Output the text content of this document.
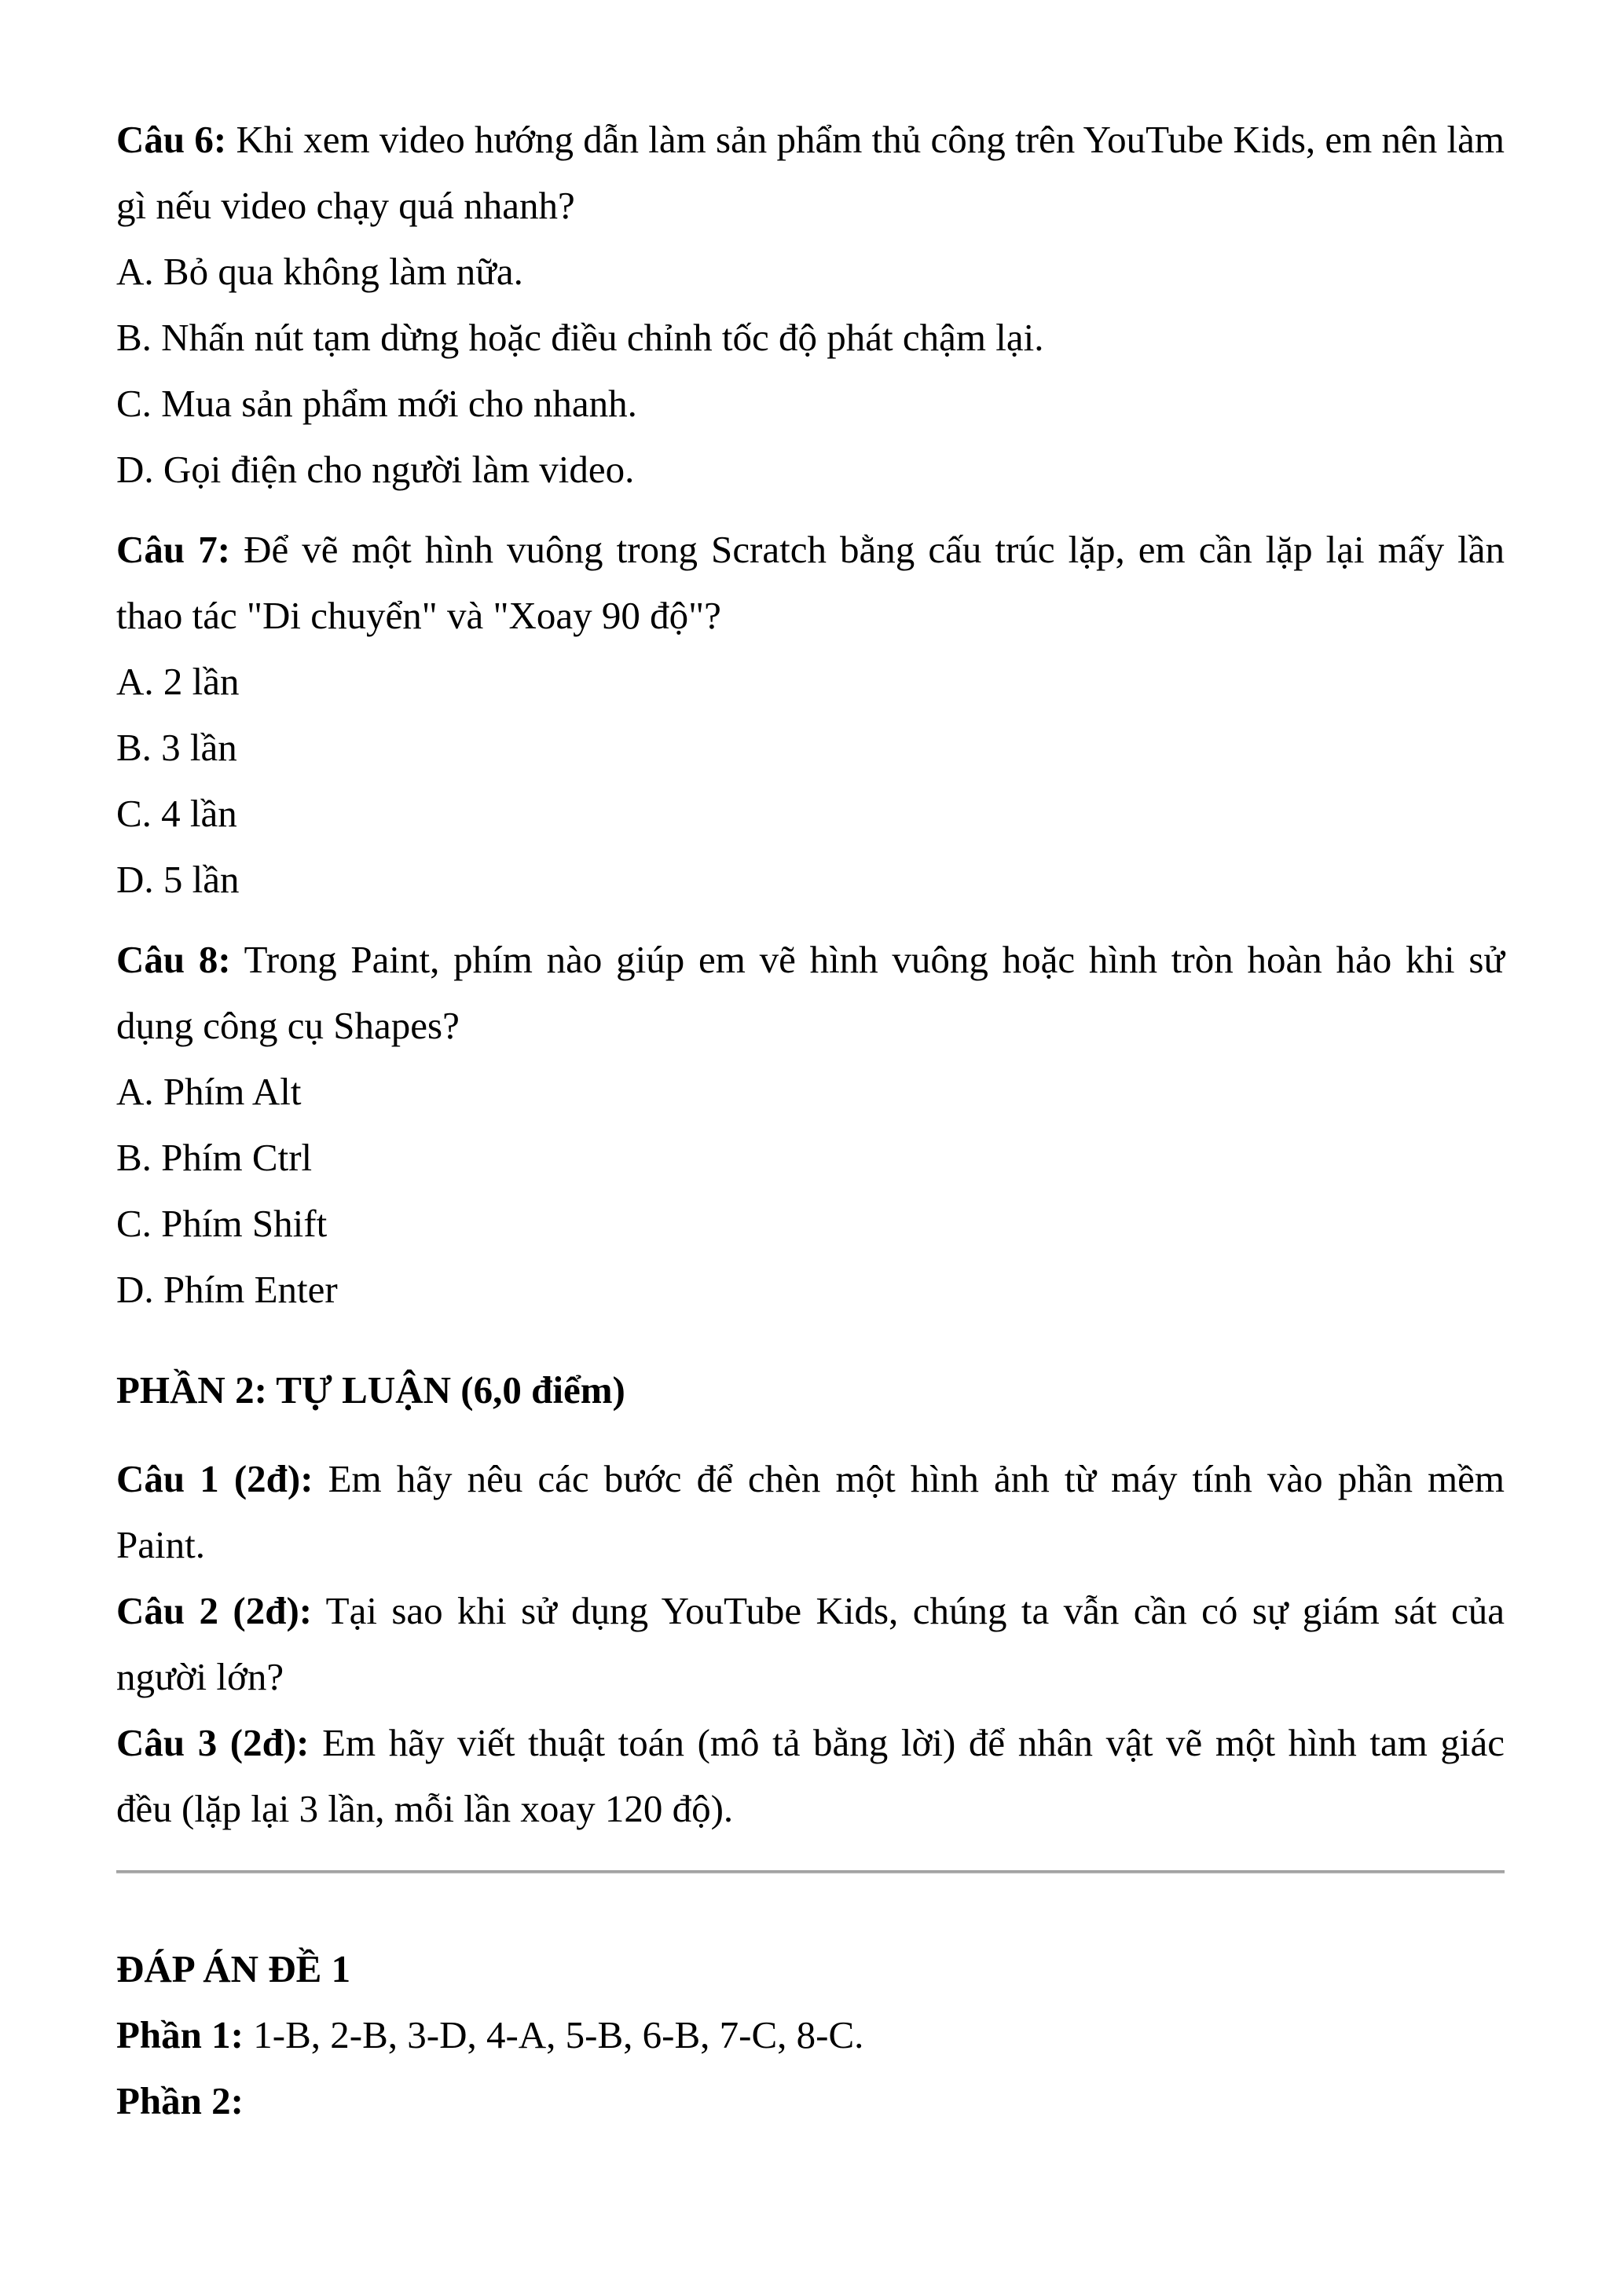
Câu 6: Khi xem video hướng dẫn làm sản phẩm thủ công trên YouTube Kids, em nên làm gì nếu video chạy quá nhanh?

A. Bỏ qua không làm nữa.

B. Nhấn nút tạm dừng hoặc điều chỉnh tốc độ phát chậm lại.

C. Mua sản phẩm mới cho nhanh.

D. Gọi điện cho người làm video.

Câu 7: Để vẽ một hình vuông trong Scratch bằng cấu trúc lặp, em cần lặp lại mấy lần thao tác "Di chuyển" và "Xoay 90 độ"?

A. 2 lần

B. 3 lần

C. 4 lần

D. 5 lần

Câu 8: Trong Paint, phím nào giúp em vẽ hình vuông hoặc hình tròn hoàn hảo khi sử dụng công cụ Shapes?

A. Phím Alt

B. Phím Ctrl

C. Phím Shift

D. Phím Enter

PHẦN 2: TỰ LUẬN (6,0 điểm)

Câu 1 (2đ): Em hãy nêu các bước để chèn một hình ảnh từ máy tính vào phần mềm Paint.

Câu 2 (2đ): Tại sao khi sử dụng YouTube Kids, chúng ta vẫn cần có sự giám sát của người lớn?

Câu 3 (2đ): Em hãy viết thuật toán (mô tả bằng lời) để nhân vật vẽ một hình tam giác đều (lặp lại 3 lần, mỗi lần xoay 120 độ).

ĐÁP ÁN ĐỀ 1

Phần 1: 1-B, 2-B, 3-D, 4-A, 5-B, 6-B, 7-C, 8-C.

Phần 2:
